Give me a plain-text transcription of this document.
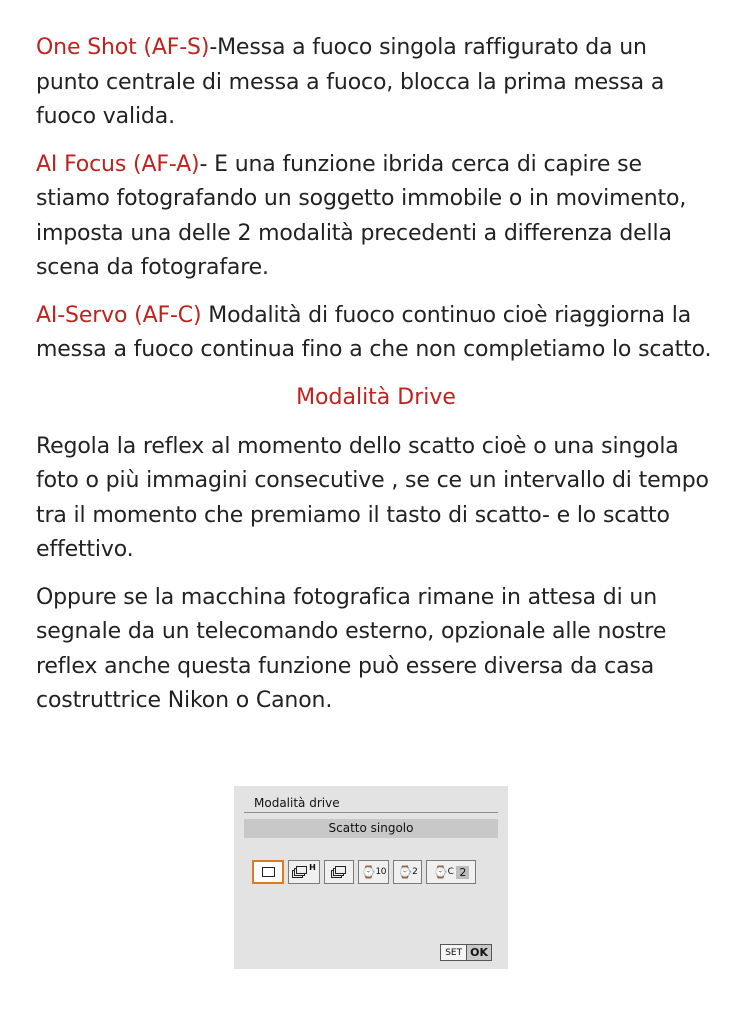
One Shot (AF-S)-Messa a fuoco singola raffigurato da un punto centrale di messa a fuoco, blocca la prima messa a fuoco valida.

AI Focus (AF-A)- E una funzione ibrida cerca di capire se stiamo fotografando un soggetto immobile o in movimento, imposta una delle 2 modalità precedenti a differenza della scena da fotografare.

AI-Servo (AF-C) Modalità di fuoco continuo cioè riaggiorna la messa a fuoco continua fino a che non completiamo lo scatto.

Modalità Drive

Regola la reflex al momento dello scatto cioè o una singola foto o più immagini consecutive , se ce un intervallo di tempo tra il momento che premiamo il tasto di scatto- e lo scatto effettivo.

Oppure se la macchina fotografica rimane in attesa di un segnale da un telecomando esterno, opzionale alle nostre reflex anche questa funzione può essere diversa da casa costruttrice Nikon o Canon.

Modalità drive
Scatto singolo
H	⌚ 10 ⌚ 2 ⌚ C 2
SET OK
